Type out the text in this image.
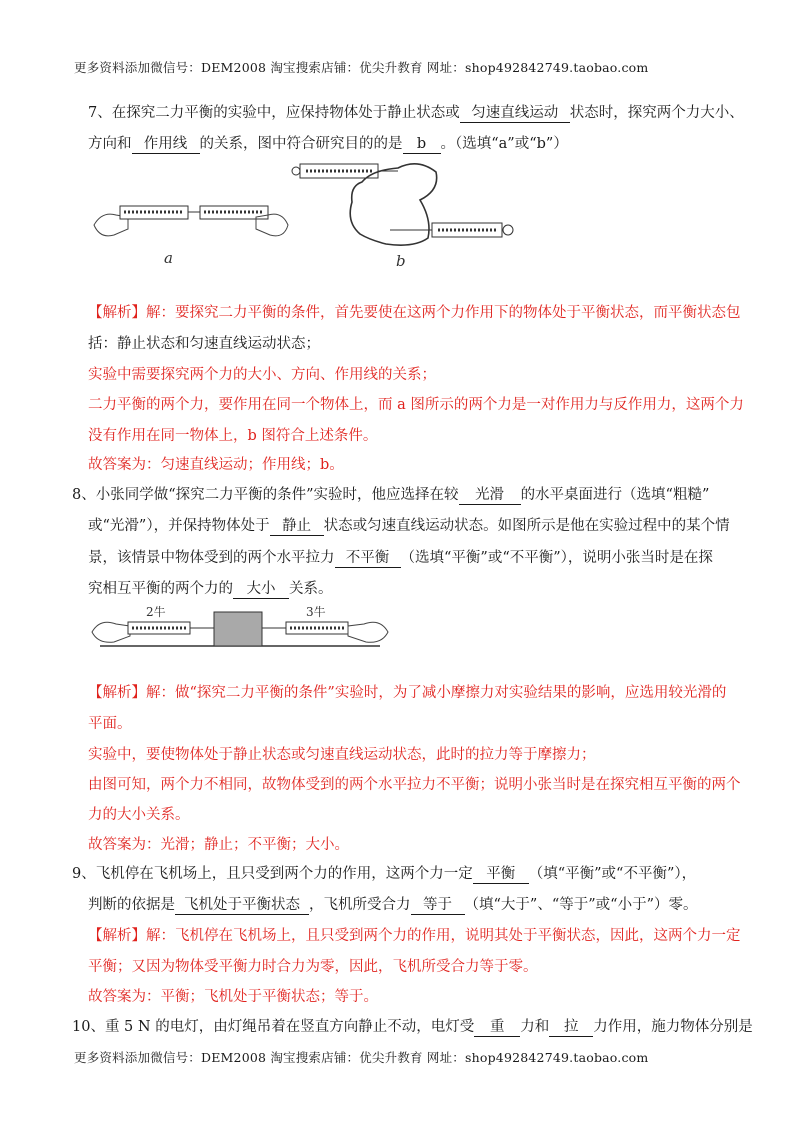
更多资料添加微信号：DEM2008 淘宝搜索店铺：优尖升教育 网址：shop492842749.taobao.com
7、在探究二力平衡的实验中，应保持物体处于静止状态或 匀速直线运动 状态时，探究两个力大小、
方向和 作用线 的关系，图中符合研究目的的是 b 。（选填“a”或“b”）
a	b
【解析】解：要探究二力平衡的条件，首先要使在这两个力作用下的物体处于平衡状态，而平衡状态包
括：静止状态和匀速直线运动状态；
实验中需要探究两个力的大小、方向、作用线的关系；
二力平衡的两个力，要作用在同一个物体上，而 a 图所示的两个力是一对作用力与反作用力，这两个力
没有作用在同一物体上，b 图符合上述条件。
故答案为：匀速直线运动；作用线；b。
8、小张同学做“探究二力平衡的条件”实验时，他应选择在较 光滑 的水平桌面进行（选填“粗糙”
或“光滑”），并保持物体处于 静止 状态或匀速直线运动状态。如图所示是他在实验过程中的某个情
景，该情景中物体受到的两个水平拉力 不平衡 （选填“平衡”或“不平衡”），说明小张当时是在探
究相互平衡的两个力的 大小 关系。
2牛	3牛
【解析】解：做“探究二力平衡的条件”实验时，为了减小摩擦力对实验结果的影响，应选用较光滑的
平面。
实验中，要使物体处于静止状态或匀速直线运动状态，此时的拉力等于摩擦力；
由图可知，两个力不相同，故物体受到的两个水平拉力不平衡；说明小张当时是在探究相互平衡的两个
力的大小关系。
故答案为：光滑；静止；不平衡；大小。
9、飞机停在飞机场上，且只受到两个力的作用，这两个力一定 平衡 （填“平衡”或“不平衡”），
判断的依据是 飞机处于平衡状态 ，飞机所受合力 等于 （填“大于”、“等于”或“小于”）零。
【解析】解：飞机停在飞机场上，且只受到两个力的作用，说明其处于平衡状态，因此，这两个力一定
平衡；又因为物体受平衡力时合力为零，因此，飞机所受合力等于零。
故答案为：平衡；飞机处于平衡状态；等于。
10、重 5 N 的电灯，由灯绳吊着在竖直方向静止不动，电灯受 重 力和 拉 力作用，施力物体分别是
更多资料添加微信号：DEM2008 淘宝搜索店铺：优尖升教育 网址：shop492842749.taobao.com
